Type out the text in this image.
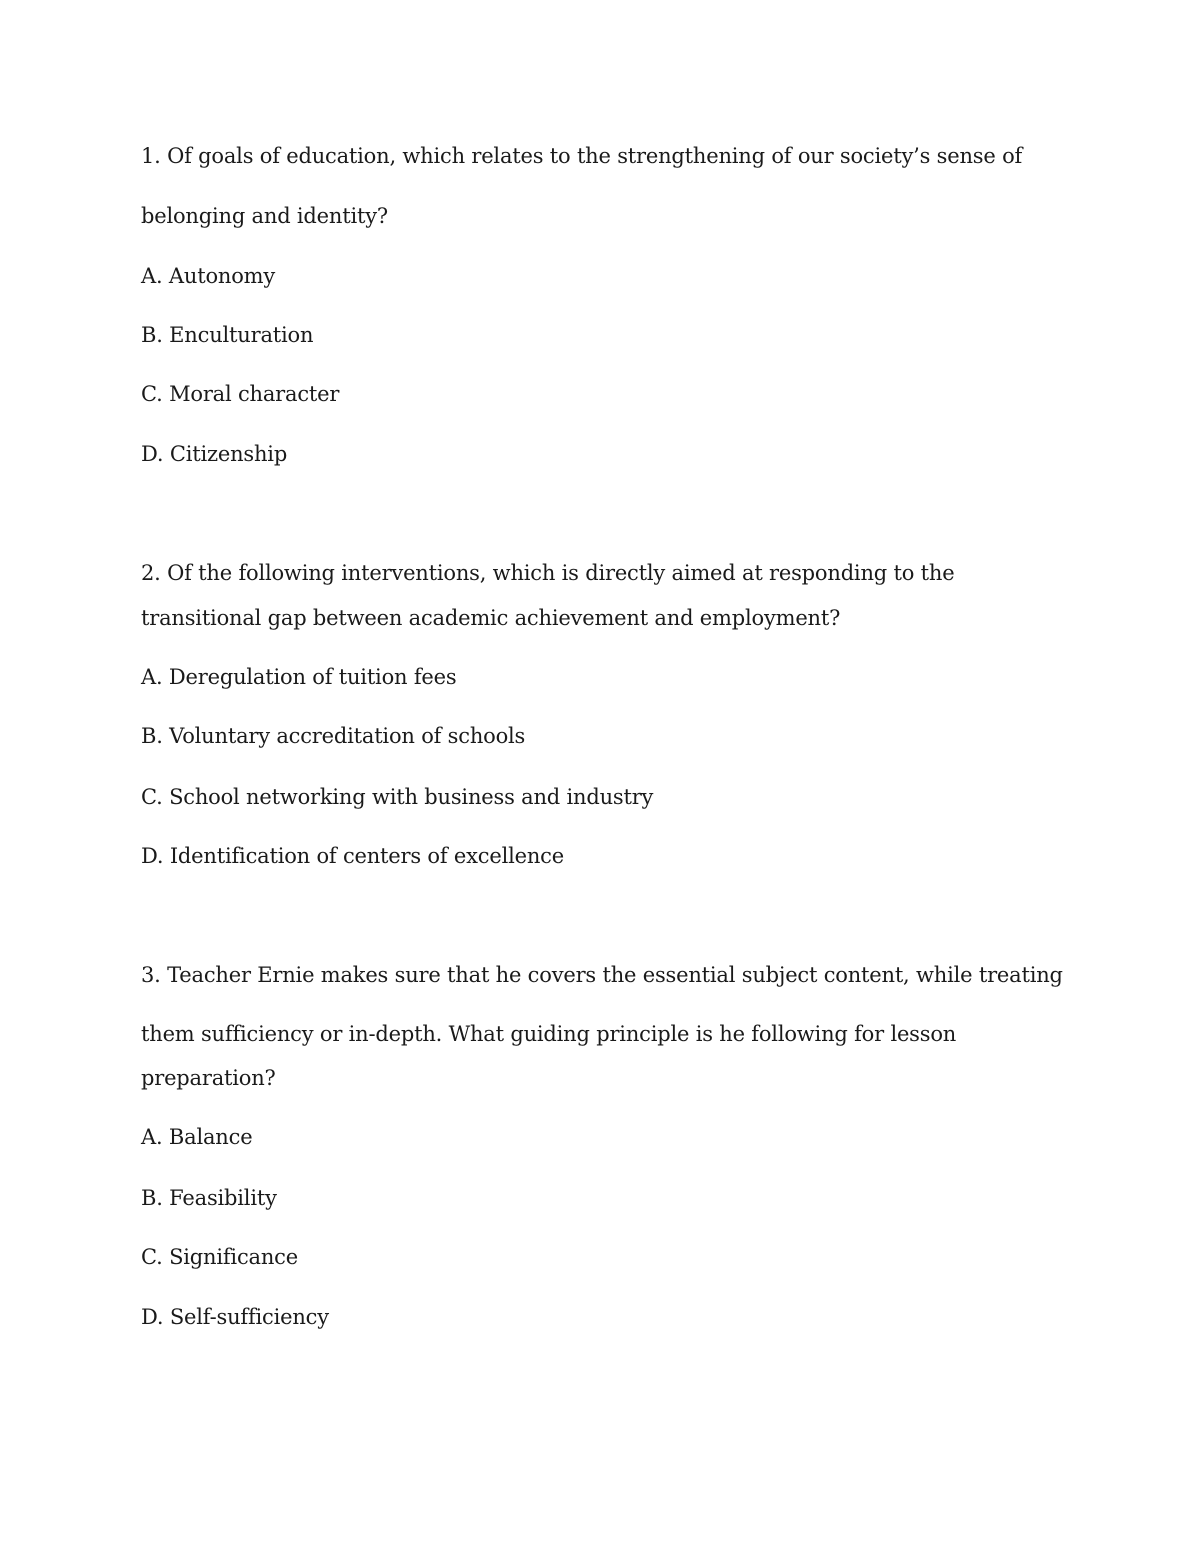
1. Of goals of education, which relates to the strengthening of our society’s sense of
belonging and identity?
A. Autonomy
B. Enculturation
C. Moral character
D. Citizenship
2. Of the following interventions, which is directly aimed at responding to the
transitional gap between academic achievement and employment?
A. Deregulation of tuition fees
B. Voluntary accreditation of schools
C. School networking with business and industry
D. Identification of centers of excellence
3. Teacher Ernie makes sure that he covers the essential subject content, while treating
them sufficiency or in-depth. What guiding principle is he following for lesson
preparation?
A. Balance
B. Feasibility
C. Significance
D. Self-sufficiency
